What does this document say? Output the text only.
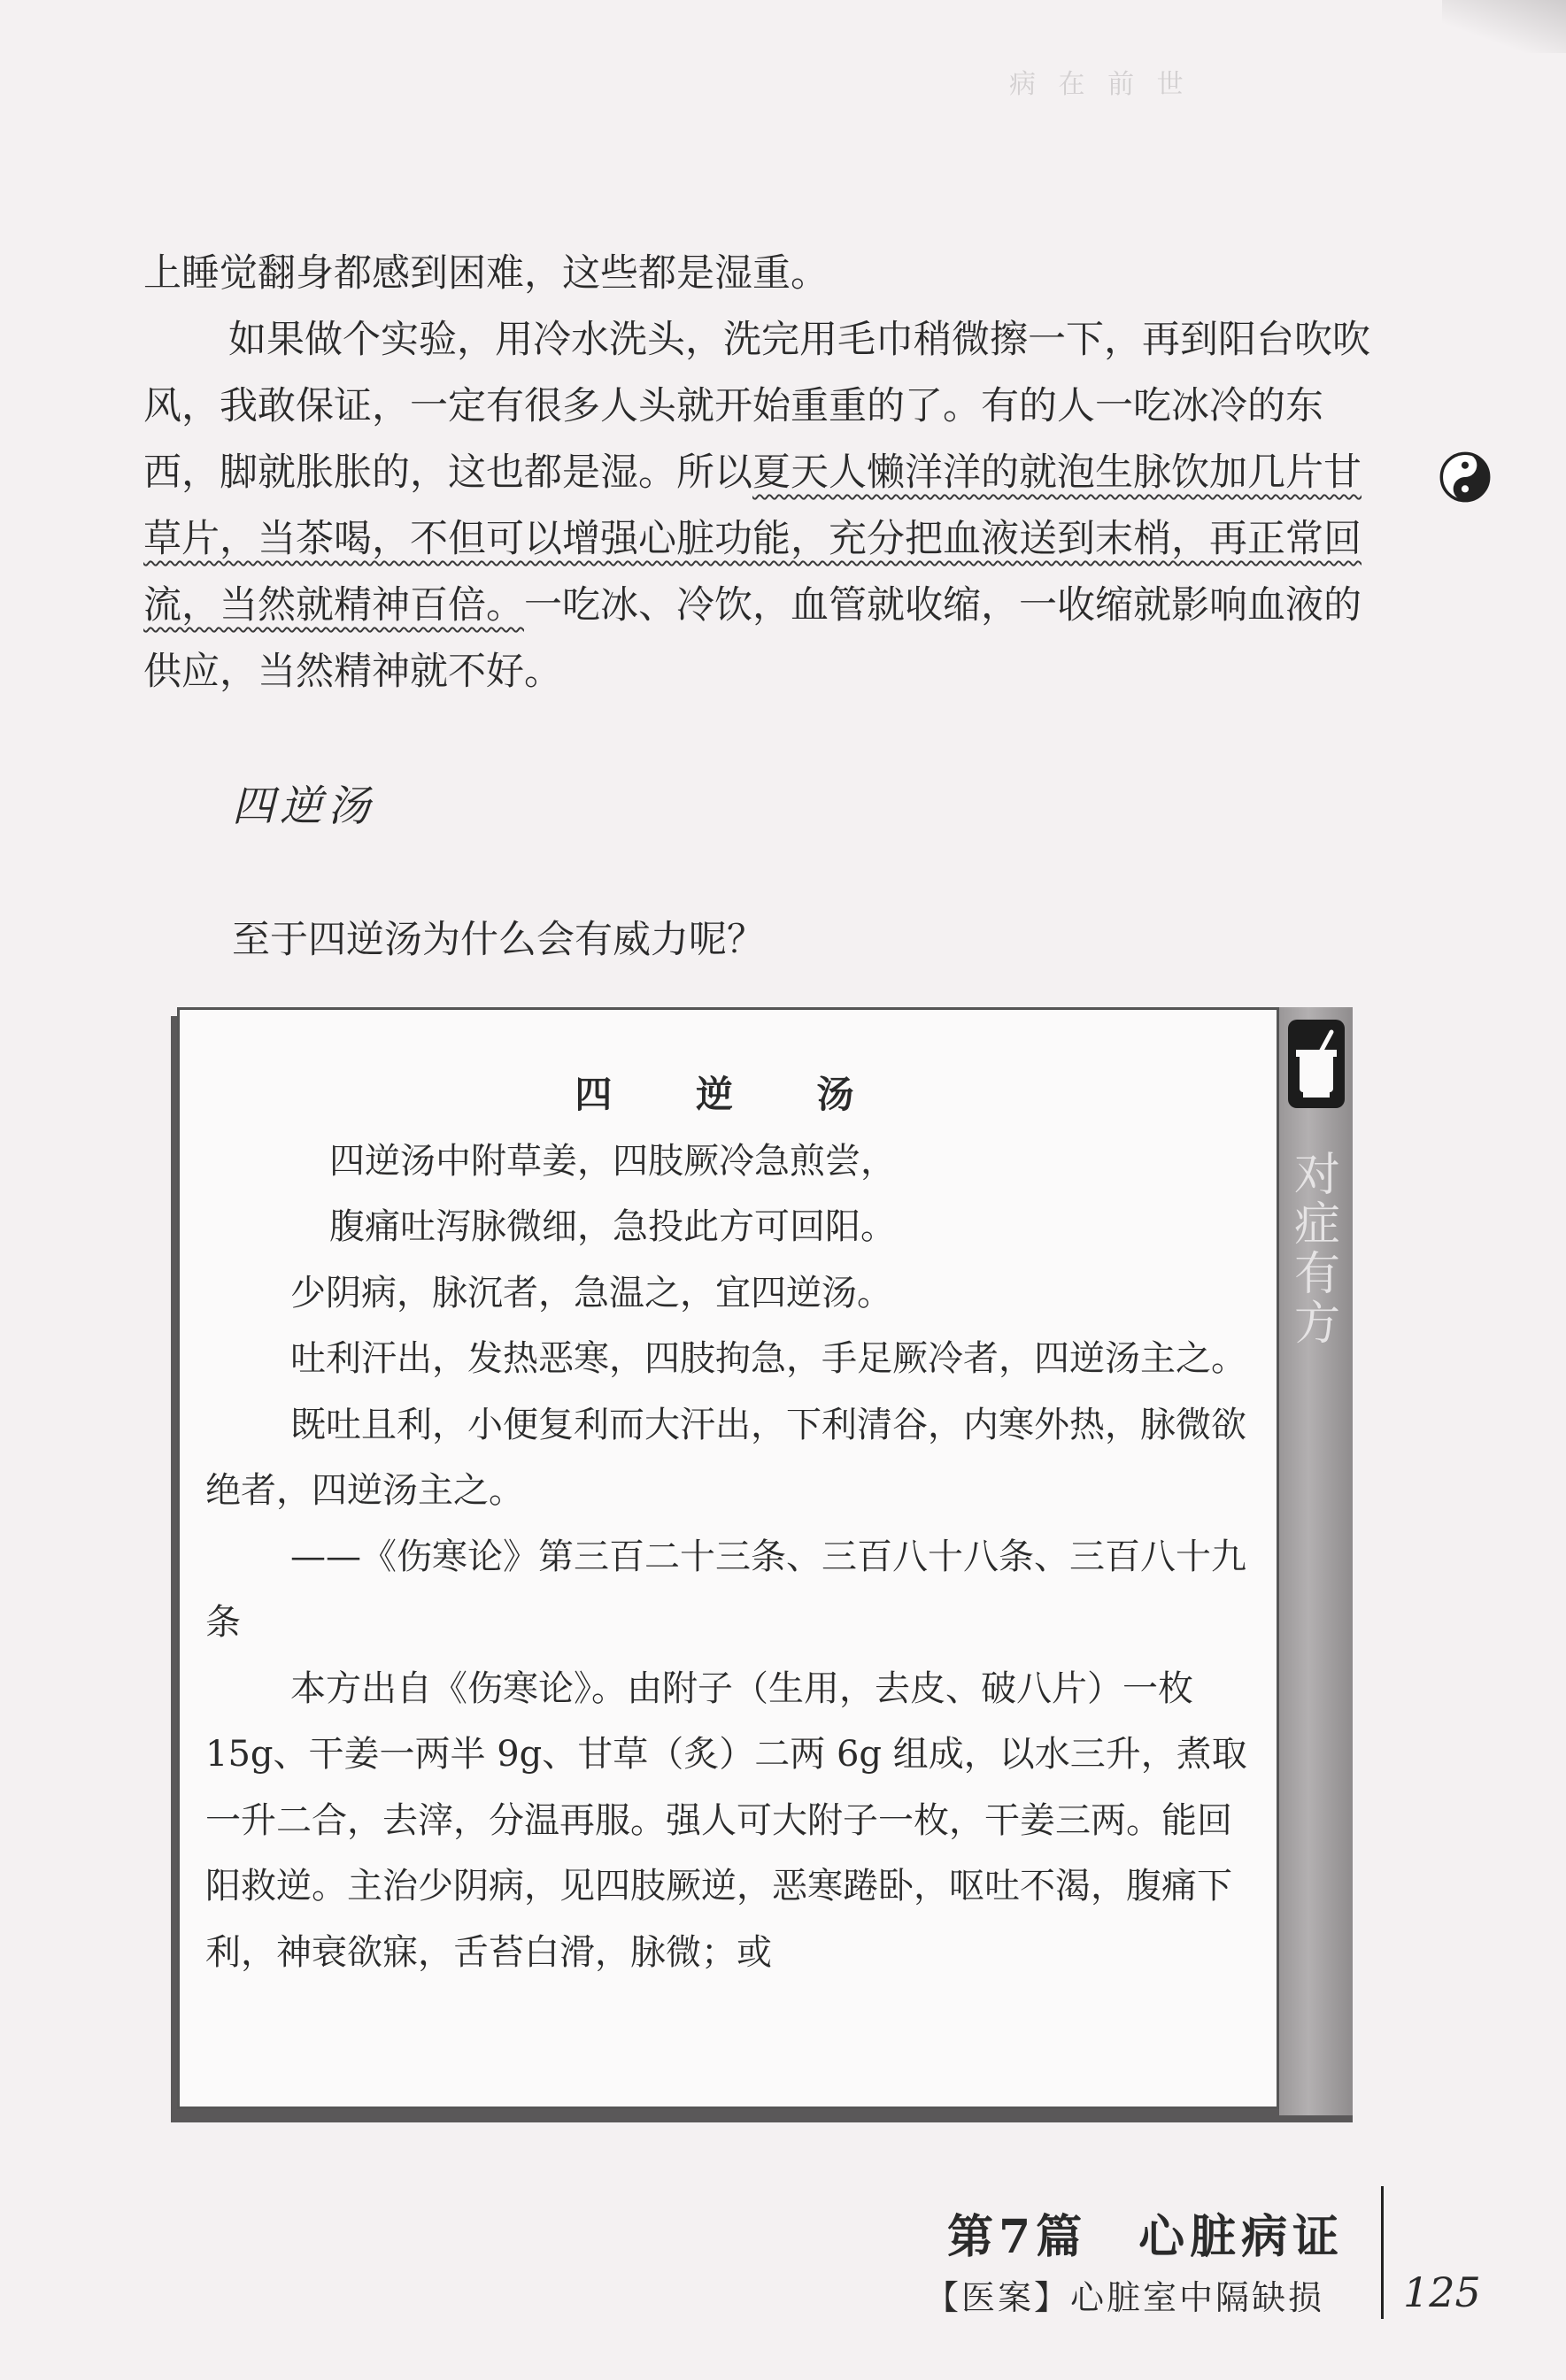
病 在 前 世

上睡觉翻身都感到困难，这些都是湿重。

如果做个实验，用冷水洗头，洗完用毛巾稍微擦一下，再到阳台吹吹风，我敢保证，一定有很多人头就开始重重的了。有的人一吃冰冷的东西，脚就胀胀的，这也都是湿。所以夏天人懒洋洋的就泡生脉饮加几片甘草片，当茶喝，不但可以增强心脏功能，充分把血液送到末梢，再正常回流，当然就精神百倍。一吃冰、冷饮，血管就收缩，一收缩就影响血液的供应，当然精神就不好。

四逆汤

至于四逆汤为什么会有威力呢？

对
症
有
方

四 逆 汤

四逆汤中附草姜，四肢厥冷急煎尝，

腹痛吐泻脉微细，急投此方可回阳。

少阴病，脉沉者，急温之，宜四逆汤。

吐利汗出，发热恶寒，四肢拘急，手足厥冷者，四逆汤主之。

既吐且利，小便复利而大汗出，下利清谷，内寒外热，脉微欲绝者，四逆汤主之。

——《伤寒论》第三百二十三条、三百八十八条、三百八十九条

本方出自《伤寒论》。由附子（生用，去皮、破八片）一枚 15g、干姜一两半 9g、甘草（炙）二两 6g 组成，以水三升，煮取一升二合，去滓，分温再服。强人可大附子一枚，干姜三两。能回阳救逆。主治少阴病，见四肢厥逆，恶寒踡卧，呕吐不渴，腹痛下利，神衰欲寐，舌苔白滑，脉微；或

第7篇　心脏病证

【医案】心脏室中隔缺损 125
